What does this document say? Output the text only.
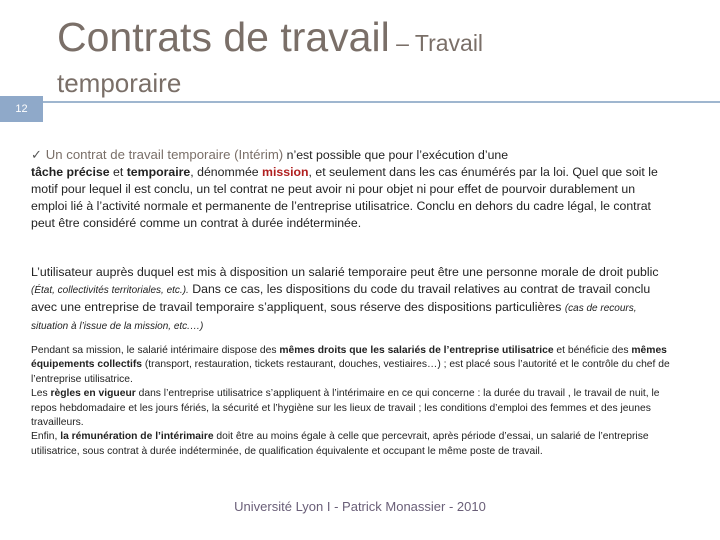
Contrats de travail – Travail
temporaire
12
✓ Un contrat de travail temporaire (Intérim) n’est possible que pour l’exécution d’une
tâche précise et temporaire, dénommée mission, et seulement dans les cas énumérés par la loi. Quel que soit le motif pour lequel il est conclu, un tel contrat ne peut avoir ni pour objet ni pour effet de pourvoir durablement un emploi lié à l’activité normale et permanente de l’entreprise utilisatrice. Conclu en dehors du cadre légal, le contrat peut être considéré comme un contrat à durée indéterminée.
L’utilisateur auprès duquel est mis à disposition un salarié temporaire peut être une personne morale de droit public (État, collectivités territoriales, etc.). Dans ce cas, les dispositions du code du travail relatives au contrat de travail conclu avec une entreprise de travail temporaire s’appliquent, sous réserve des dispositions particulières (cas de recours, situation à l’issue de la mission, etc.…)
Pendant sa mission, le salarié intérimaire dispose des mêmes droits que les salariés de l’entreprise utilisatrice et bénéficie des mêmes équipements collectifs (transport, restauration, tickets restaurant, douches, vestiaires…) ; est placé sous l’autorité et le contrôle du chef de l’entreprise utilisatrice.
Les règles en vigueur dans l’entreprise utilisatrice s’appliquent à l’intérimaire en ce qui concerne : la durée du travail , le travail de nuit, le repos hebdomadaire et les jours fériés, la sécurité et l’hygiène sur les lieux de travail ; les conditions d’emploi des femmes et des jeunes travailleurs.
Enfin, la rémunération de l’intérimaire doit être au moins égale à celle que percevrait, après période d’essai, un salarié de l’entreprise utilisatrice, sous contrat à durée indéterminée, de qualification équivalente et occupant le même poste de travail.
Université Lyon I - Patrick Monassier - 2010
